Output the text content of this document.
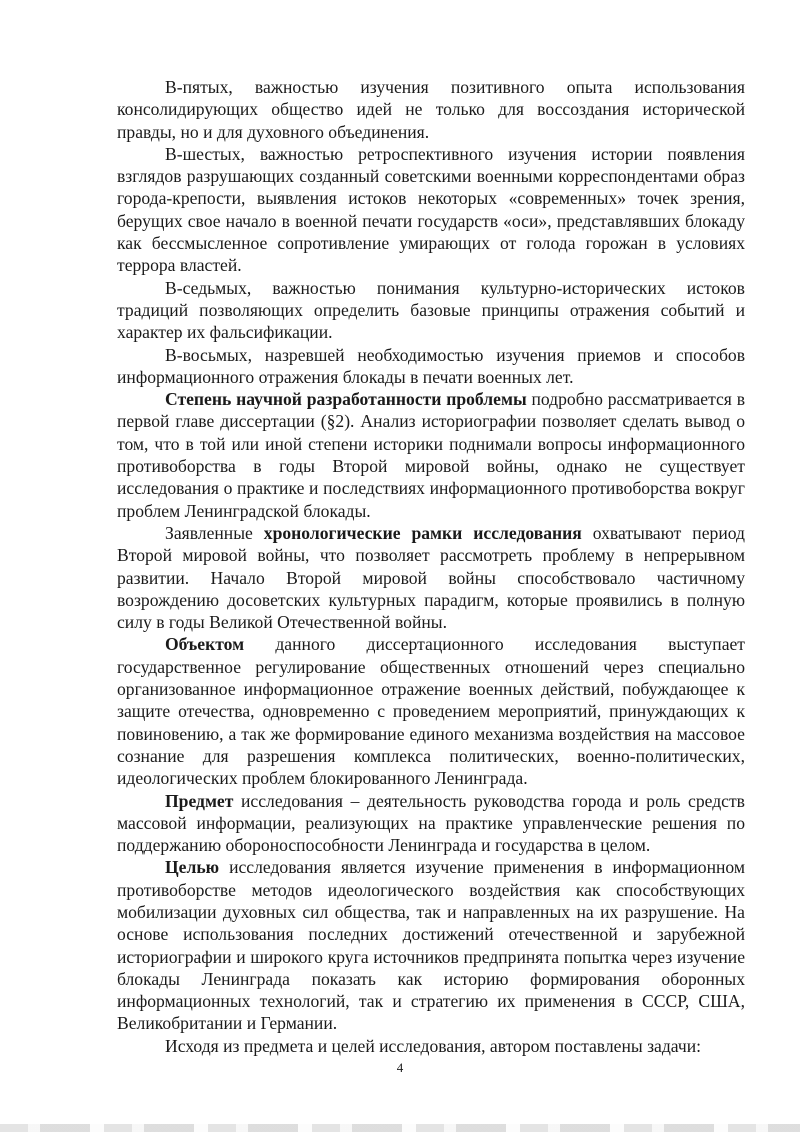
В-пятых, важностью изучения позитивного опыта использования консолидирующих общество идей не только для воссоздания исторической правды, но и для духовного объединения.

В-шестых, важностью ретроспективного изучения истории появления взглядов разрушающих созданный советскими военными корреспондентами образ города-крепости, выявления истоков некоторых «современных» точек зрения, берущих свое начало в военной печати государств «оси», представлявших блокаду как бессмысленное сопротивление умирающих от голода горожан в условиях террора властей.

В-седьмых, важностью понимания культурно-исторических истоков традиций позволяющих определить базовые принципы отражения событий и характер их фальсификации.

В-восьмых, назревшей необходимостью изучения приемов и способов информационного отражения блокады в печати военных лет.

Степень научной разработанности проблемы подробно рассматривается в первой главе диссертации (§2). Анализ историографии позволяет сделать вывод о том, что в той или иной степени историки поднимали вопросы информационного противоборства в годы Второй мировой войны, однако не существует исследования о практике и последствиях информационного противоборства вокруг проблем Ленинградской блокады.

Заявленные хронологические рамки исследования охватывают период Второй мировой войны, что позволяет рассмотреть проблему в непрерывном развитии. Начало Второй мировой войны способствовало частичному возрождению досоветских культурных парадигм, которые проявились в полную силу в годы Великой Отечественной войны.

Объектом данного диссертационного исследования выступает государственное регулирование общественных отношений через специально организованное информационное отражение военных действий, побуждающее к защите отечества, одновременно с проведением мероприятий, принуждающих к повиновению, а так же формирование единого механизма воздействия на массовое сознание для разрешения комплекса политических, военно-политических, идеологических проблем блокированного Ленинграда.

Предмет исследования – деятельность руководства города и роль средств массовой информации, реализующих на практике управленческие решения по поддержанию обороноспособности Ленинграда и государства в целом.

Целью исследования является изучение применения в информационном противоборстве методов идеологического воздействия как способствующих мобилизации духовных сил общества, так и направленных на их разрушение. На основе использования последних достижений отечественной и зарубежной историографии и широкого круга источников предпринята попытка через изучение блокады Ленинграда показать как историю формирования оборонных информационных технологий, так и стратегию их применения в СССР, США, Великобритании и Германии.

Исходя из предмета и целей исследования, автором поставлены задачи:

4
